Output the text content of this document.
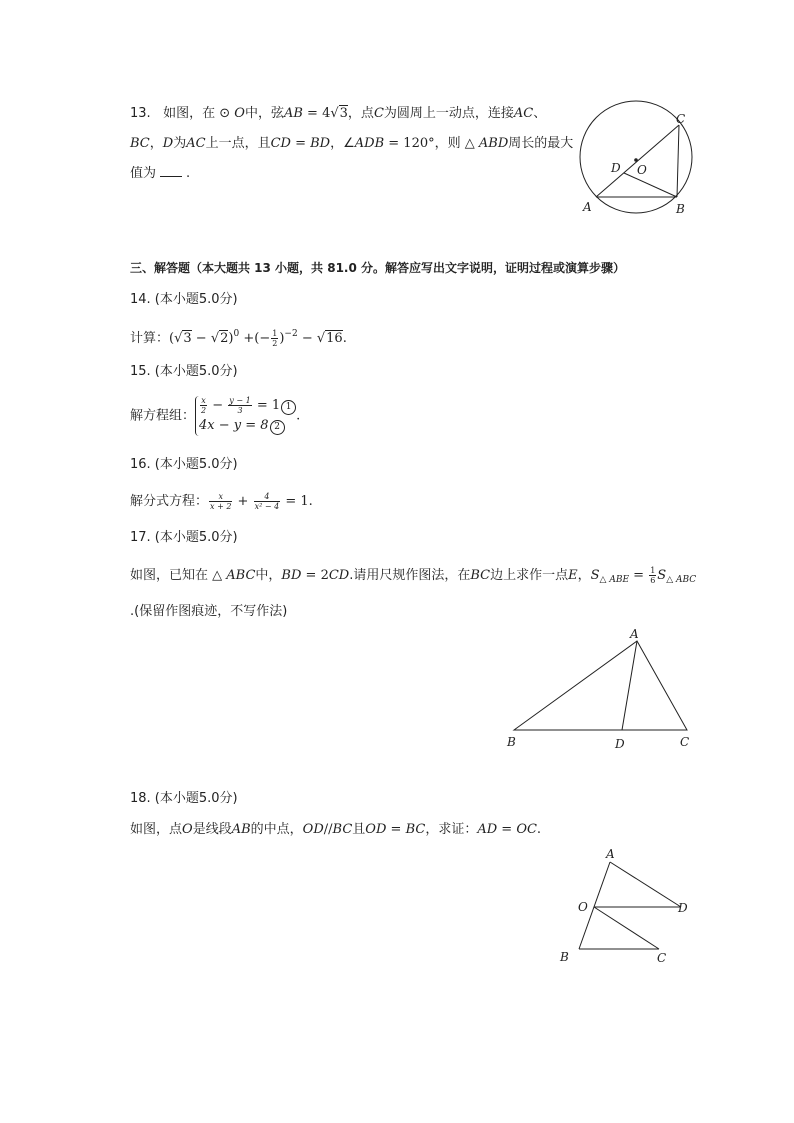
13. 如图，在 ⊙ O中，弦AB = 4√3，点C为圆周上一动点，连接AC、
BC，D为AC上一点，且CD = BD，∠ADB = 120°，则 △ ABD周长的最大
值为 .
C
D O
A	B
三、解答题（本大题共 13 小题，共 81.0 分。解答应写出文字说明，证明过程或演算步骤）
14. (本小题5.0分)
计算：$(√3 - √2)^0$ +(− $\frac{1}{2} )^{-2} - √16$.
15. (本小题5.0分)
解方程组：
$\frac{x}{2} - \frac{y - 1}{3} = 1$ 1
4x − y = 8 2
.
16. (本小题5.0分)
解分式方程： $\frac{x}{x + 2} + \frac{4}{\text{x² − 4}} = 1$.
17. (本小题5.0分)
如图，已知在 △ ABC中，BD = 2CD.请用尺规作图法，在BC边上求作一点E，$S_{\triangle ABE} = \frac{1}{6} S_{\triangle ABC}$
.(保留作图痕迹，不写作法)
A
B	D	C
18. (本小题5.0分)
如图，点O是线段AB的中点，OD//BC且OD = BC，求证：AD = OC.
A
O	D
B	C
